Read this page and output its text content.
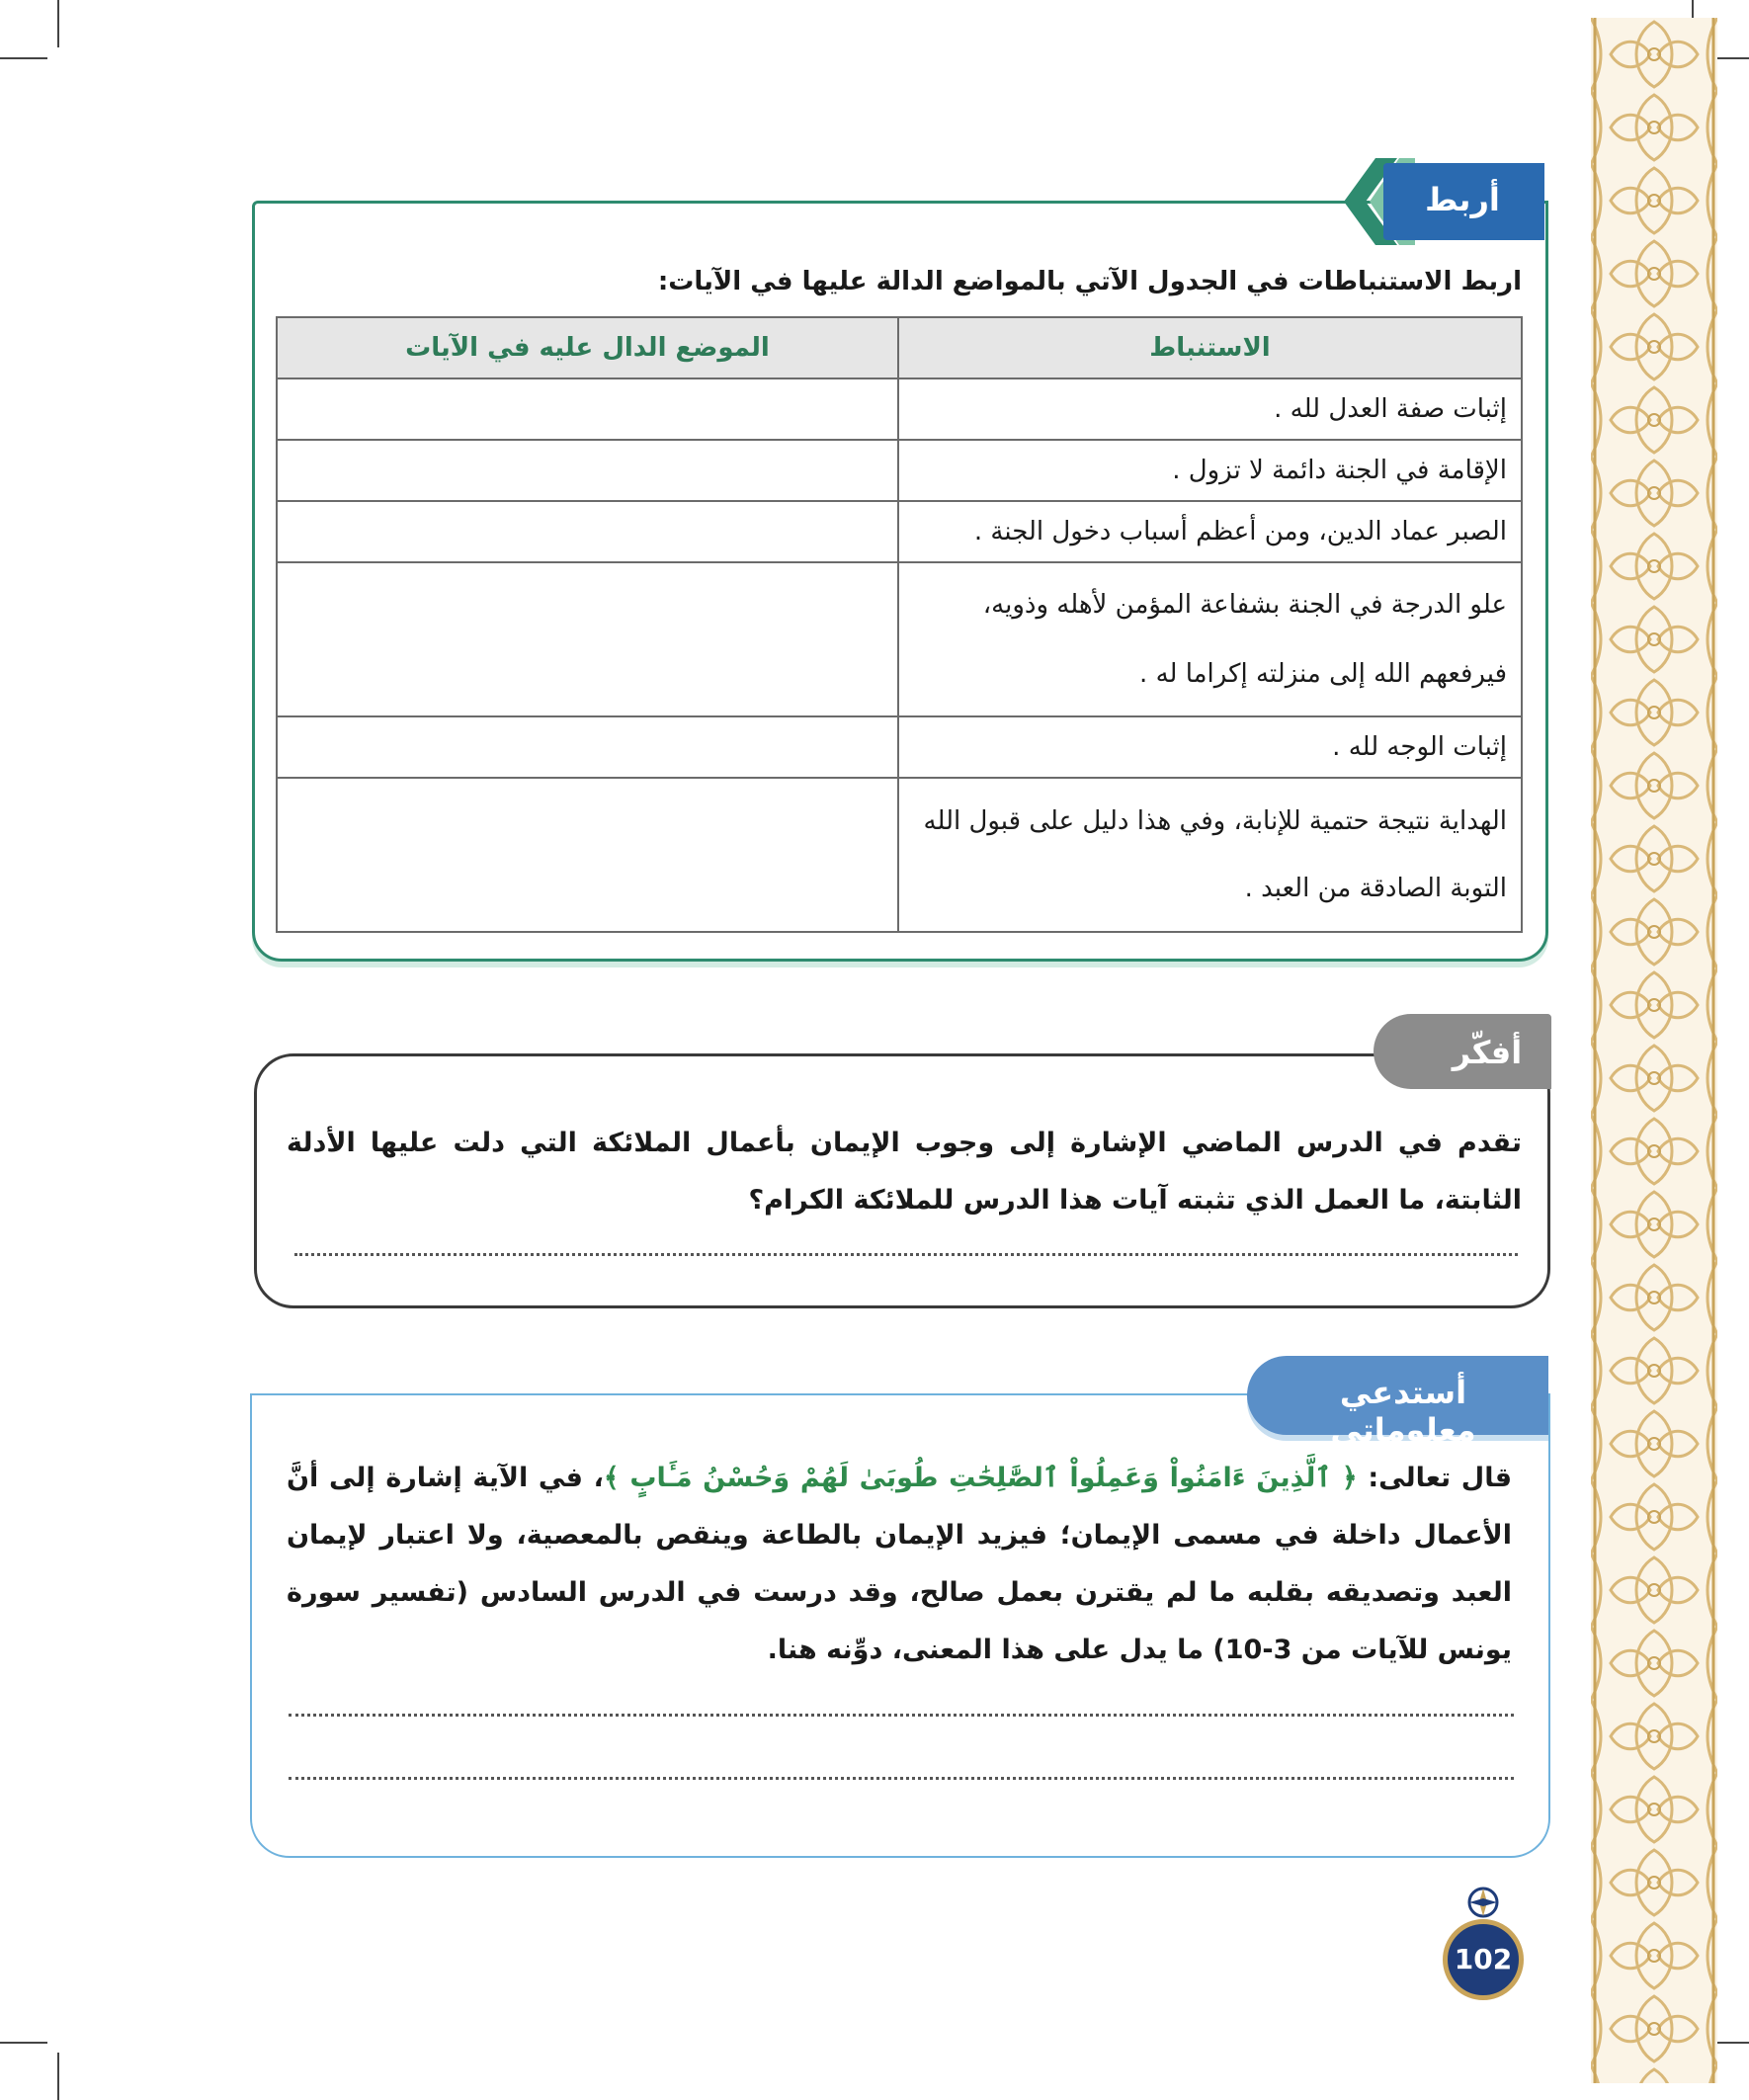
أربط
اربط الاستنباطات في الجدول الآتي بالمواضع الدالة عليها في الآيات:
الاستنباط	الموضع الدال عليه في الآيات
إثبات صفة العدل لله .	
الإقامة في الجنة دائمة لا تزول .	
الصبر عماد الدين، ومن أعظم أسباب دخول الجنة .	
علو الدرجة في الجنة بشفاعة المؤمن لأهله وذويه، فيرفعهم الله إلى منزلته إكراما له .	
إثبات الوجه لله .	
الهداية نتيجة حتمية للإنابة، وفي هذا دليل على قبول الله التوبة الصادقة من العبد .	
أفكّر
تقدم في الدرس الماضي الإشارة إلى وجوب الإيمان بأعمال الملائكة التي دلت عليها الأدلة الثابتة، ما العمل الذي تثبته آيات هذا الدرس للملائكة الكرام؟
أستدعي معلوماتي
قال تعالى: ﴿ ٱلَّذِينَ ءَامَنُواْ وَعَمِلُواْ ٱلصَّٰلِحَٰتِ طُوبَىٰ لَهُمْ وَحُسْنُ مَـَٔابٍ ﴾، في الآية إشارة إلى أنَّ الأعمال داخلة في مسمى الإيمان؛ فيزيد الإيمان بالطاعة وينقص بالمعصية، ولا اعتبار لإيمان العبد وتصديقه بقلبه ما لم يقترن بعمل صالح، وقد درست في الدرس السادس (تفسير سورة يونس للآيات من 3-10) ما يدل على هذا المعنى، دوِّنه هنا.
102
